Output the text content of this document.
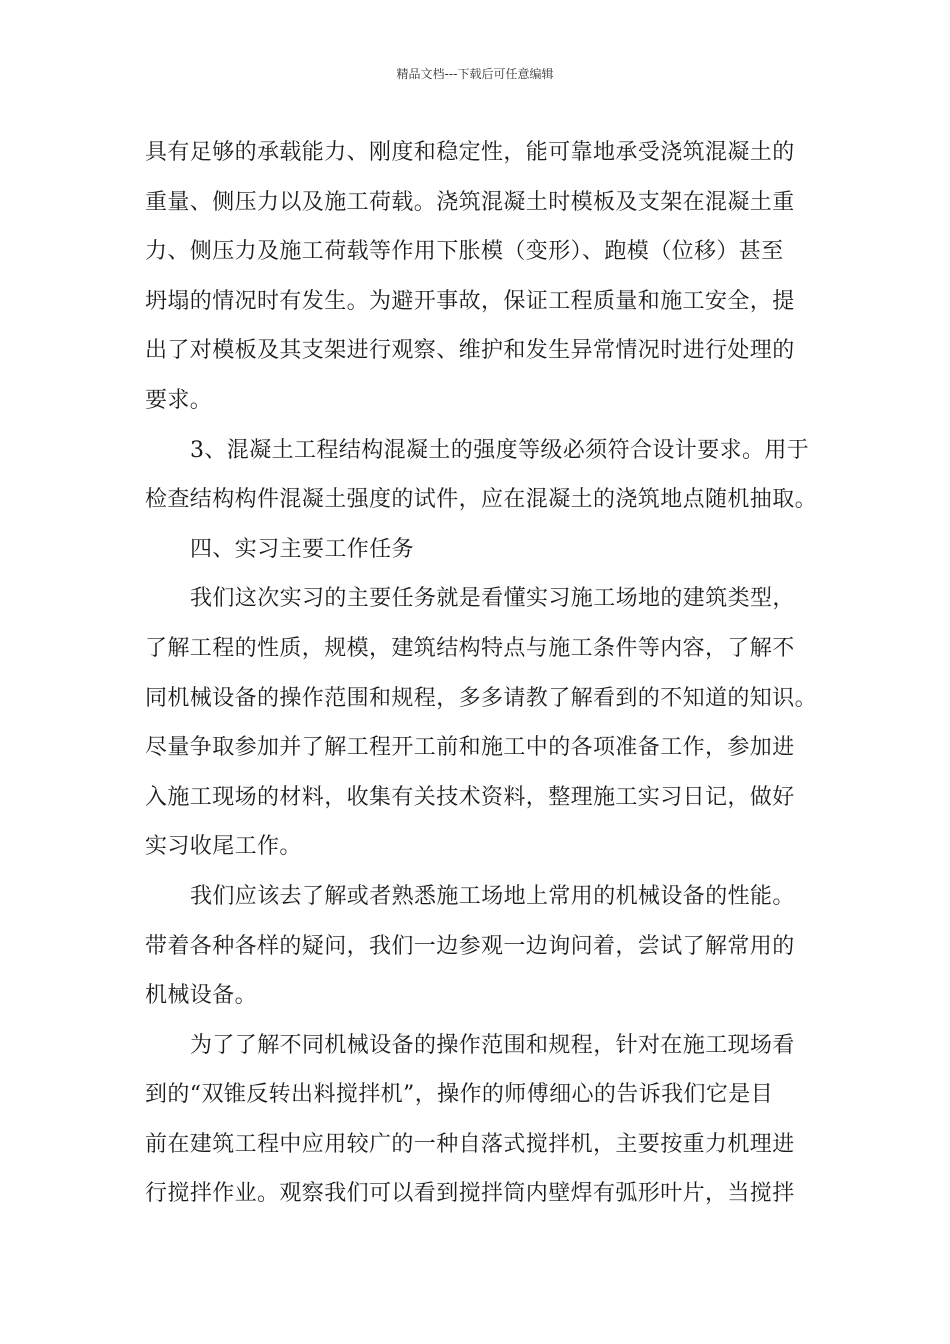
精品文档---下载后可任意编辑
具有足够的承载能力、刚度和稳定性，能可靠地承受浇筑混凝土的
重量、侧压力以及施工荷载。浇筑混凝土时模板及支架在混凝土重
力、侧压力及施工荷载等作用下胀模（变形）、跑模（位移）甚至
坍塌的情况时有发生。为避开事故，保证工程质量和施工安全，提
出了对模板及其支架进行观察、维护和发生异常情况时进行处理的
要求。
3、混凝土工程结构混凝土的强度等级必须符合设计要求。用于
检查结构构件混凝土强度的试件，应在混凝土的浇筑地点随机抽取。
四、实习主要工作任务
我们这次实习的主要任务就是看懂实习施工场地的建筑类型，
了解工程的性质，规模，建筑结构特点与施工条件等内容，了解不
同机械设备的操作范围和规程，多多请教了解看到的不知道的知识。
尽量争取参加并了解工程开工前和施工中的各项准备工作，参加进
入施工现场的材料，收集有关技术资料，整理施工实习日记，做好
实习收尾工作。
我们应该去了解或者熟悉施工场地上常用的机械设备的性能。
带着各种各样的疑问，我们一边参观一边询问着，尝试了解常用的
机械设备。
为了了解不同机械设备的操作范围和规程，针对在施工现场看
到的“双锥反转出料搅拌机”，操作的师傅细心的告诉我们它是目
前在建筑工程中应用较广的一种自落式搅拌机，主要按重力机理进
行搅拌作业。观察我们可以看到搅拌筒内壁焊有弧形叶片，当搅拌
